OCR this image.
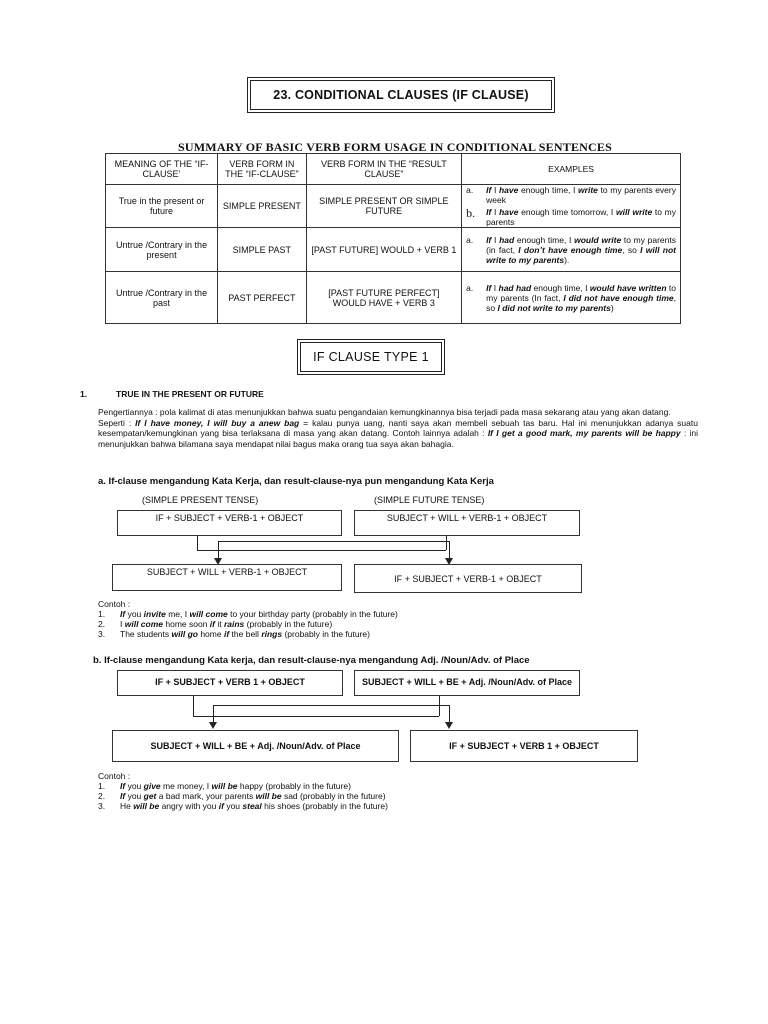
23. CONDITIONAL CLAUSES (IF CLAUSE)
SUMMARY OF BASIC VERB FORM USAGE IN CONDITIONAL SENTENCES
MEANING OF THE “IF-CLAUSE’	VERB FORM IN THE “IF-CLAUSE”	VERB FORM IN THE “RESULT CLAUSE”	EXAMPLES
True in the present or future	SIMPLE PRESENT	SIMPLE PRESENT OR SIMPLE FUTURE	a. If I have enough time, I write to my parents every week
b. If I have enough time tomorrow, I will write to my parents

Untrue /Contrary in the present	SIMPLE PAST	[PAST FUTURE] WOULD + VERB 1	a. If I had enough time, I would write to my parents (in fact, I don’t have enough time, so I will not write to my parents).

Untrue /Contrary in the past	PAST PERFECT	[PAST FUTURE PERFECT] WOULD HAVE + VERB 3	a. If I had had enough time, I would have written to my parents (In fact, I did not have enough time, so I did not write to my parents)
IF CLAUSE TYPE 1
1.	TRUE IN THE PRESENT OR FUTURE
Pengertiannya : pola kalimat di atas menunjukkan bahwa suatu pengandaian kemungkinannya bisa terjadi pada masa sekarang atau yang akan datang.
Seperti : If I have money, I will buy a anew bag = kalau punya uang, nanti saya akan membeli sebuah tas baru. Hal ini menunjukkan adanya suatu kesempatan/kemungkinan yang bisa terlaksana di masa yang akan datang. Contoh lainnya adalah : If I get a good mark, my parents will be happy : ini menunjukkan bahwa bilamana saya mendapat nilai bagus maka orang tua saya akan bahagia.
a. If-clause mengandung Kata Kerja, dan result-clause-nya pun mengandung Kata Kerja
(SIMPLE PRESENT TENSE)	(SIMPLE FUTURE TENSE)
IF + SUBJECT + VERB-1 + OBJECT	SUBJECT + WILL + VERB-1 + OBJECT
SUBJECT + WILL + VERB-1 + OBJECT
IF + SUBJECT + VERB-1 + OBJECT
Contoh :
1. If you invite me, I will come to your birthday party (probably in the future)
2. I will come home soon if it rains (probably in the future)
3. The students will go home if the bell rings (probably in the future)
b. If-clause mengandung Kata kerja, dan result-clause-nya mengandung Adj. /Noun/Adv. of Place
IF + SUBJECT + VERB 1 + OBJECT	SUBJECT + WILL + BE + Adj. /Noun/Adv. of Place
SUBJECT + WILL + BE + Adj. /Noun/Adv. of Place	IF + SUBJECT + VERB 1 + OBJECT
Contoh :
1. If you give me money, I will be happy (probably in the future)
2. If you get a bad mark, your parents will be sad (probably in the future)
3. He will be angry with you if you steal his shoes (probably in the future)
